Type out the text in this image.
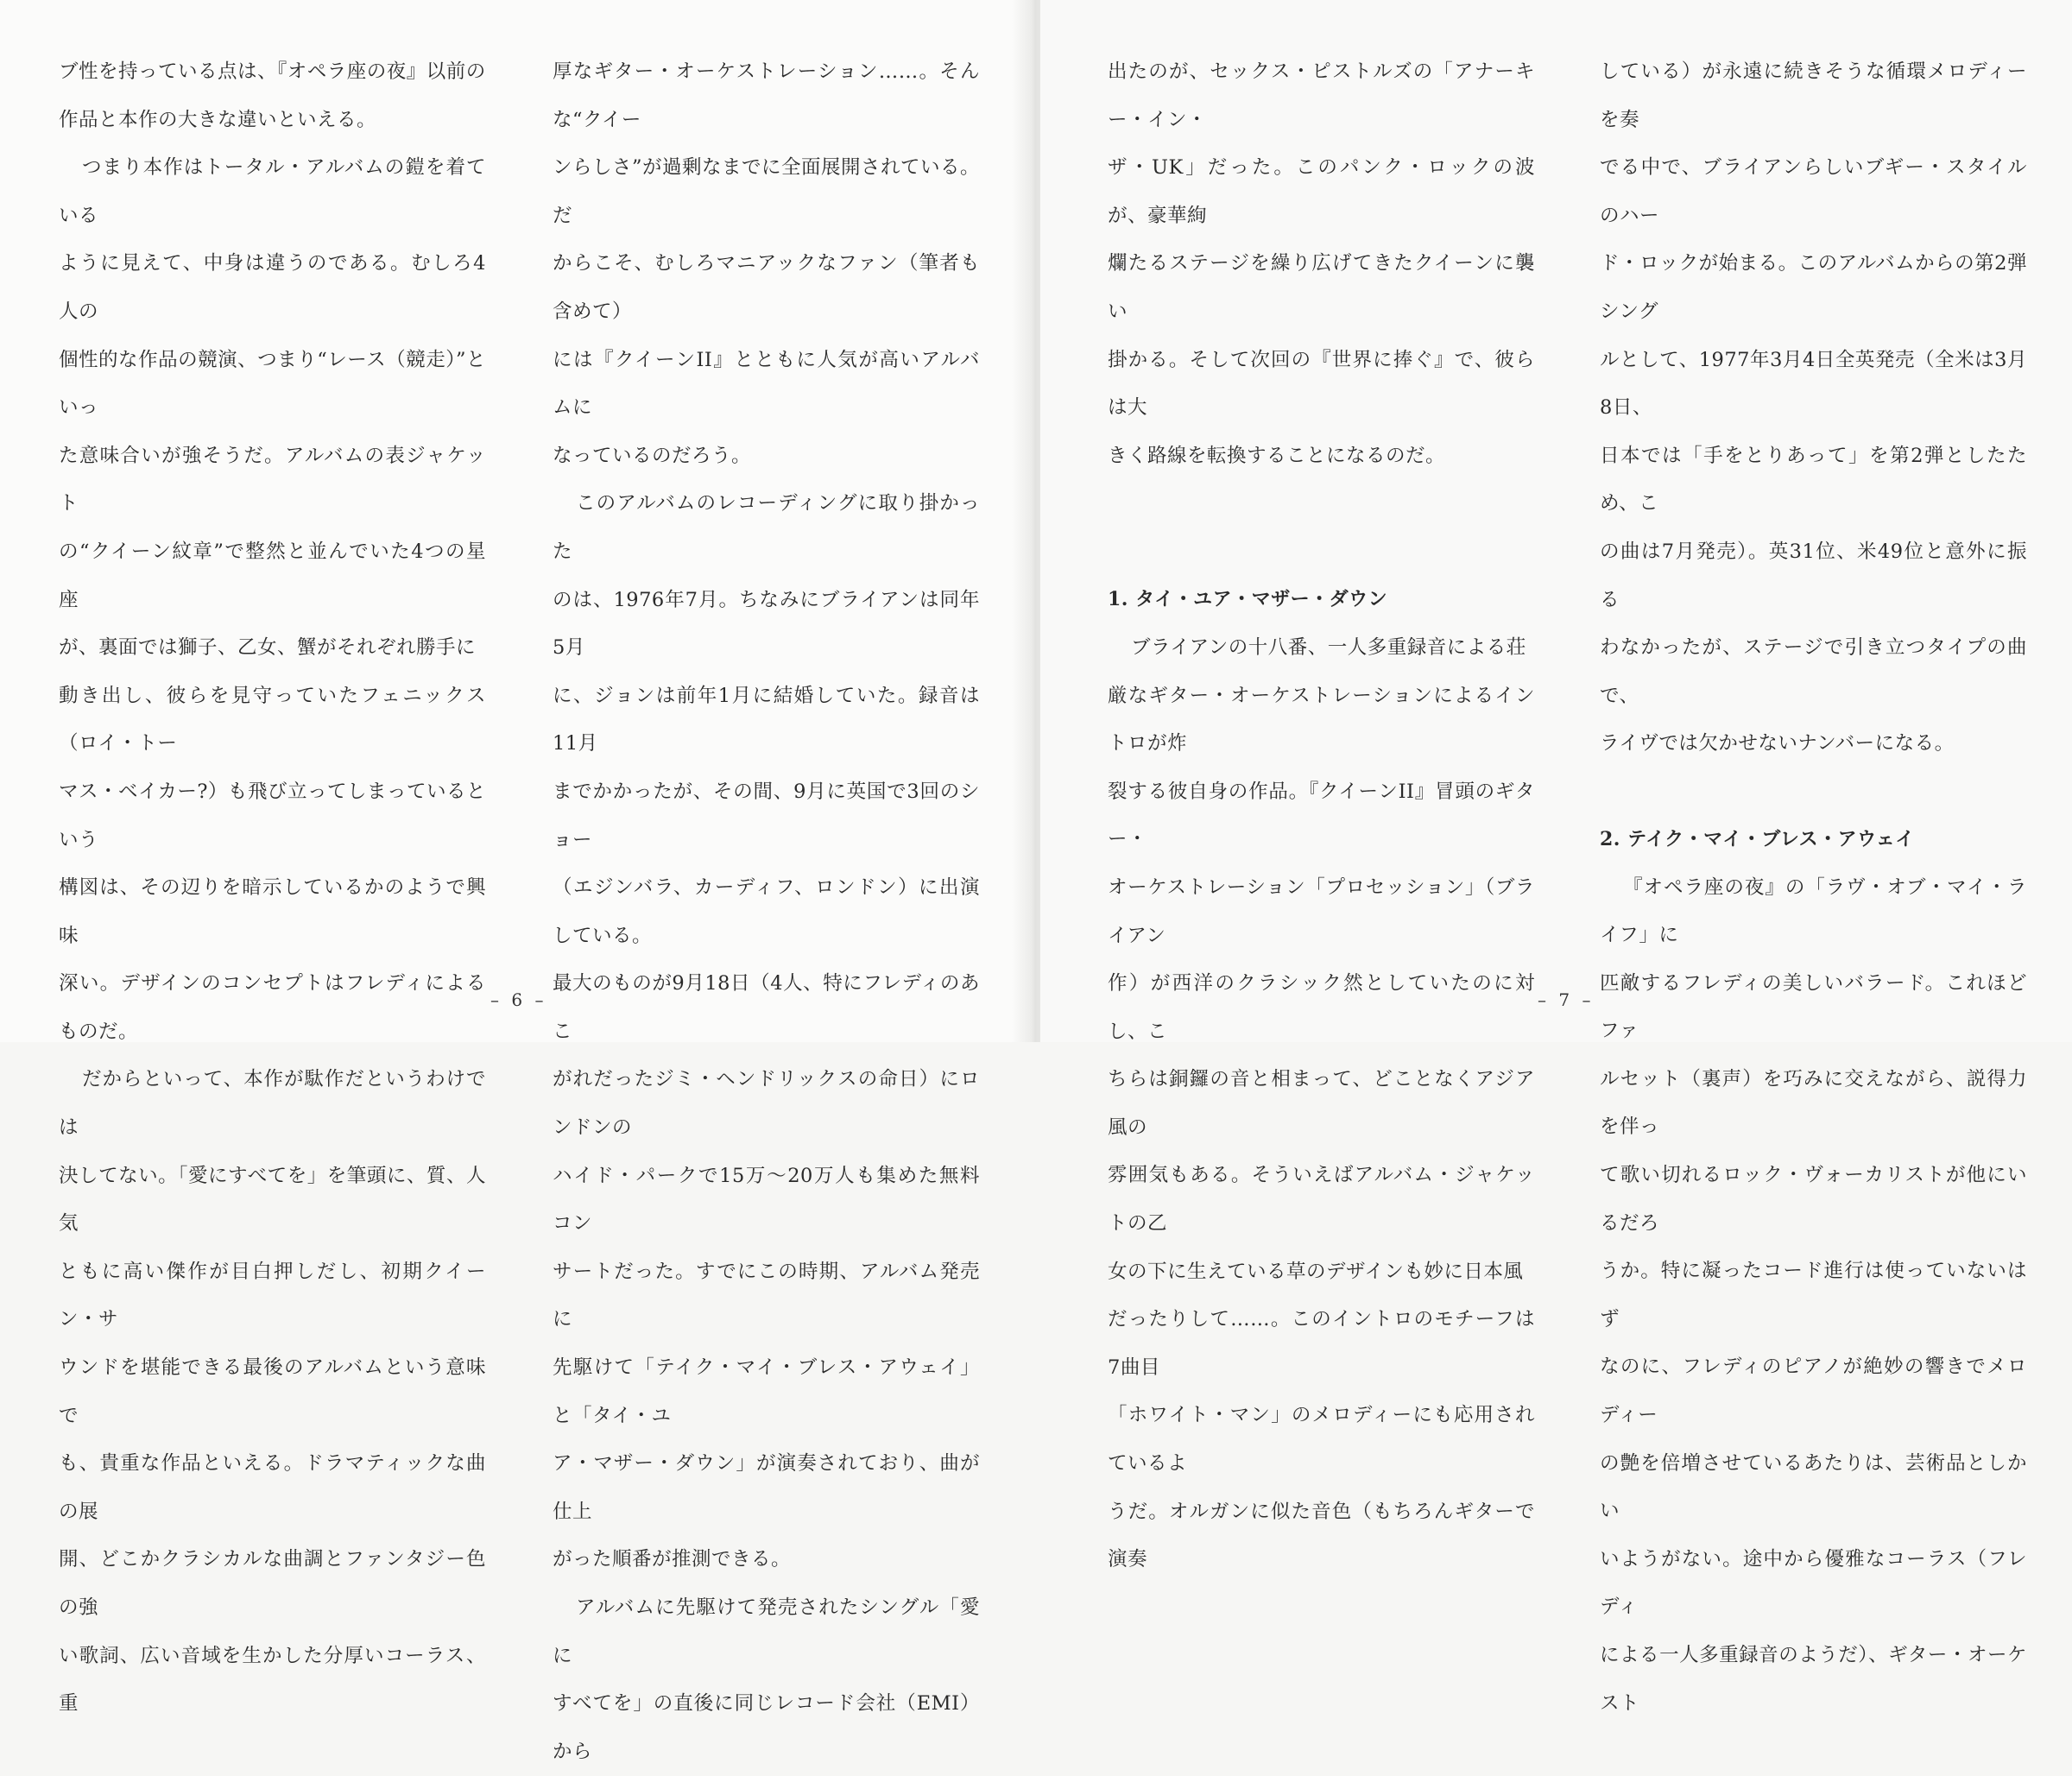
ブ性を持っている点は、『オペラ座の夜』以前の
作品と本作の大きな違いといえる。

つまり本作はトータル・アルバムの鎧を着ている
ように見えて、中身は違うのである。むしろ4人の
個性的な作品の競演、つまり“レース（競走）”といっ
た意味合いが強そうだ。アルバムの表ジャケット
の“クイーン紋章”で整然と並んでいた4つの星座
が、裏面では獅子、乙女、蟹がそれぞれ勝手に
動き出し、彼らを見守っていたフェニックス（ロイ・トー
マス・ベイカー?）も飛び立ってしまっているという
構図は、その辺りを暗示しているかのようで興味
深い。デザインのコンセプトはフレディによるものだ。

だからといって、本作が駄作だというわけでは
決してない。「愛にすべてを」を筆頭に、質、人気
ともに高い傑作が目白押しだし、初期クイーン・サ
ウンドを堪能できる最後のアルバムという意味で
も、貴重な作品といえる。ドラマティックな曲の展
開、どこかクラシカルな曲調とファンタジー色の強
い歌詞、広い音域を生かした分厚いコーラス、重

厚なギター・オーケストレーション……。そんな“クイー
ンらしさ”が過剰なまでに全面展開されている。だ
からこそ、むしろマニアックなファン（筆者も含めて）
には『クイーンII』とともに人気が高いアルバムに
なっているのだろう。

このアルバムのレコーディングに取り掛かった
のは、1976年7月。ちなみにブライアンは同年5月
に、ジョンは前年1月に結婚していた。録音は11月
までかかったが、その間、9月に英国で3回のショー
（エジンバラ、カーディフ、ロンドン）に出演している。
最大のものが9月18日（4人、特にフレディのあこ
がれだったジミ・ヘンドリックスの命日）にロンドンの
ハイド・パークで15万〜20万人も集めた無料コン
サートだった。すでにこの時期、アルバム発売に
先駆けて「テイク・マイ・ブレス・アウェイ」と「タイ・ユ
ア・マザー・ダウン」が演奏されており、曲が仕上
がった順番が推測できる。

アルバムに先駆けて発売されたシングル「愛に
すべてを」の直後に同じレコード会社（EMI）から

– 6 –

出たのが、セックス・ピストルズの「アナーキー・イン・
ザ・UK」だった。このパンク・ロックの波が、豪華絢
爛たるステージを繰り広げてきたクイーンに襲い
掛かる。そして次回の『世界に捧ぐ』で、彼らは大
きく路線を転換することになるのだ。

1. タイ・ユア・マザー・ダウン

ブライアンの十八番、一人多重録音による荘
厳なギター・オーケストレーションによるイントロが炸
裂する彼自身の作品。『クイーンII』冒頭のギター・
オーケストレーション「プロセッション」（ブライアン
作）が西洋のクラシック然としていたのに対し、こ
ちらは銅鑼の音と相まって、どことなくアジア風の
雰囲気もある。そういえばアルバム・ジャケットの乙
女の下に生えている草のデザインも妙に日本風
だったりして……。このイントロのモチーフは7曲目
「ホワイト・マン」のメロディーにも応用されているよ
うだ。オルガンに似た音色（もちろんギターで演奏

している）が永遠に続きそうな循環メロディーを奏
でる中で、ブライアンらしいブギー・スタイルのハー
ド・ロックが始まる。このアルバムからの第2弾シング
ルとして、1977年3月4日全英発売（全米は3月8日、
日本では「手をとりあって」を第2弾としたため、こ
の曲は7月発売）。英31位、米49位と意外に振る
わなかったが、ステージで引き立つタイプの曲で、
ライヴでは欠かせないナンバーになる。

2. テイク・マイ・ブレス・アウェイ

『オペラ座の夜』の「ラヴ・オブ・マイ・ライフ」に
匹敵するフレディの美しいバラード。これほどファ
ルセット（裏声）を巧みに交えながら、説得力を伴っ
て歌い切れるロック・ヴォーカリストが他にいるだろ
うか。特に凝ったコード進行は使っていないはず
なのに、フレディのピアノが絶妙の響きでメロディー
の艶を倍増させているあたりは、芸術品としかい
いようがない。途中から優雅なコーラス（フレディ
による一人多重録音のようだ）、ギター・オーケスト

– 7 –
